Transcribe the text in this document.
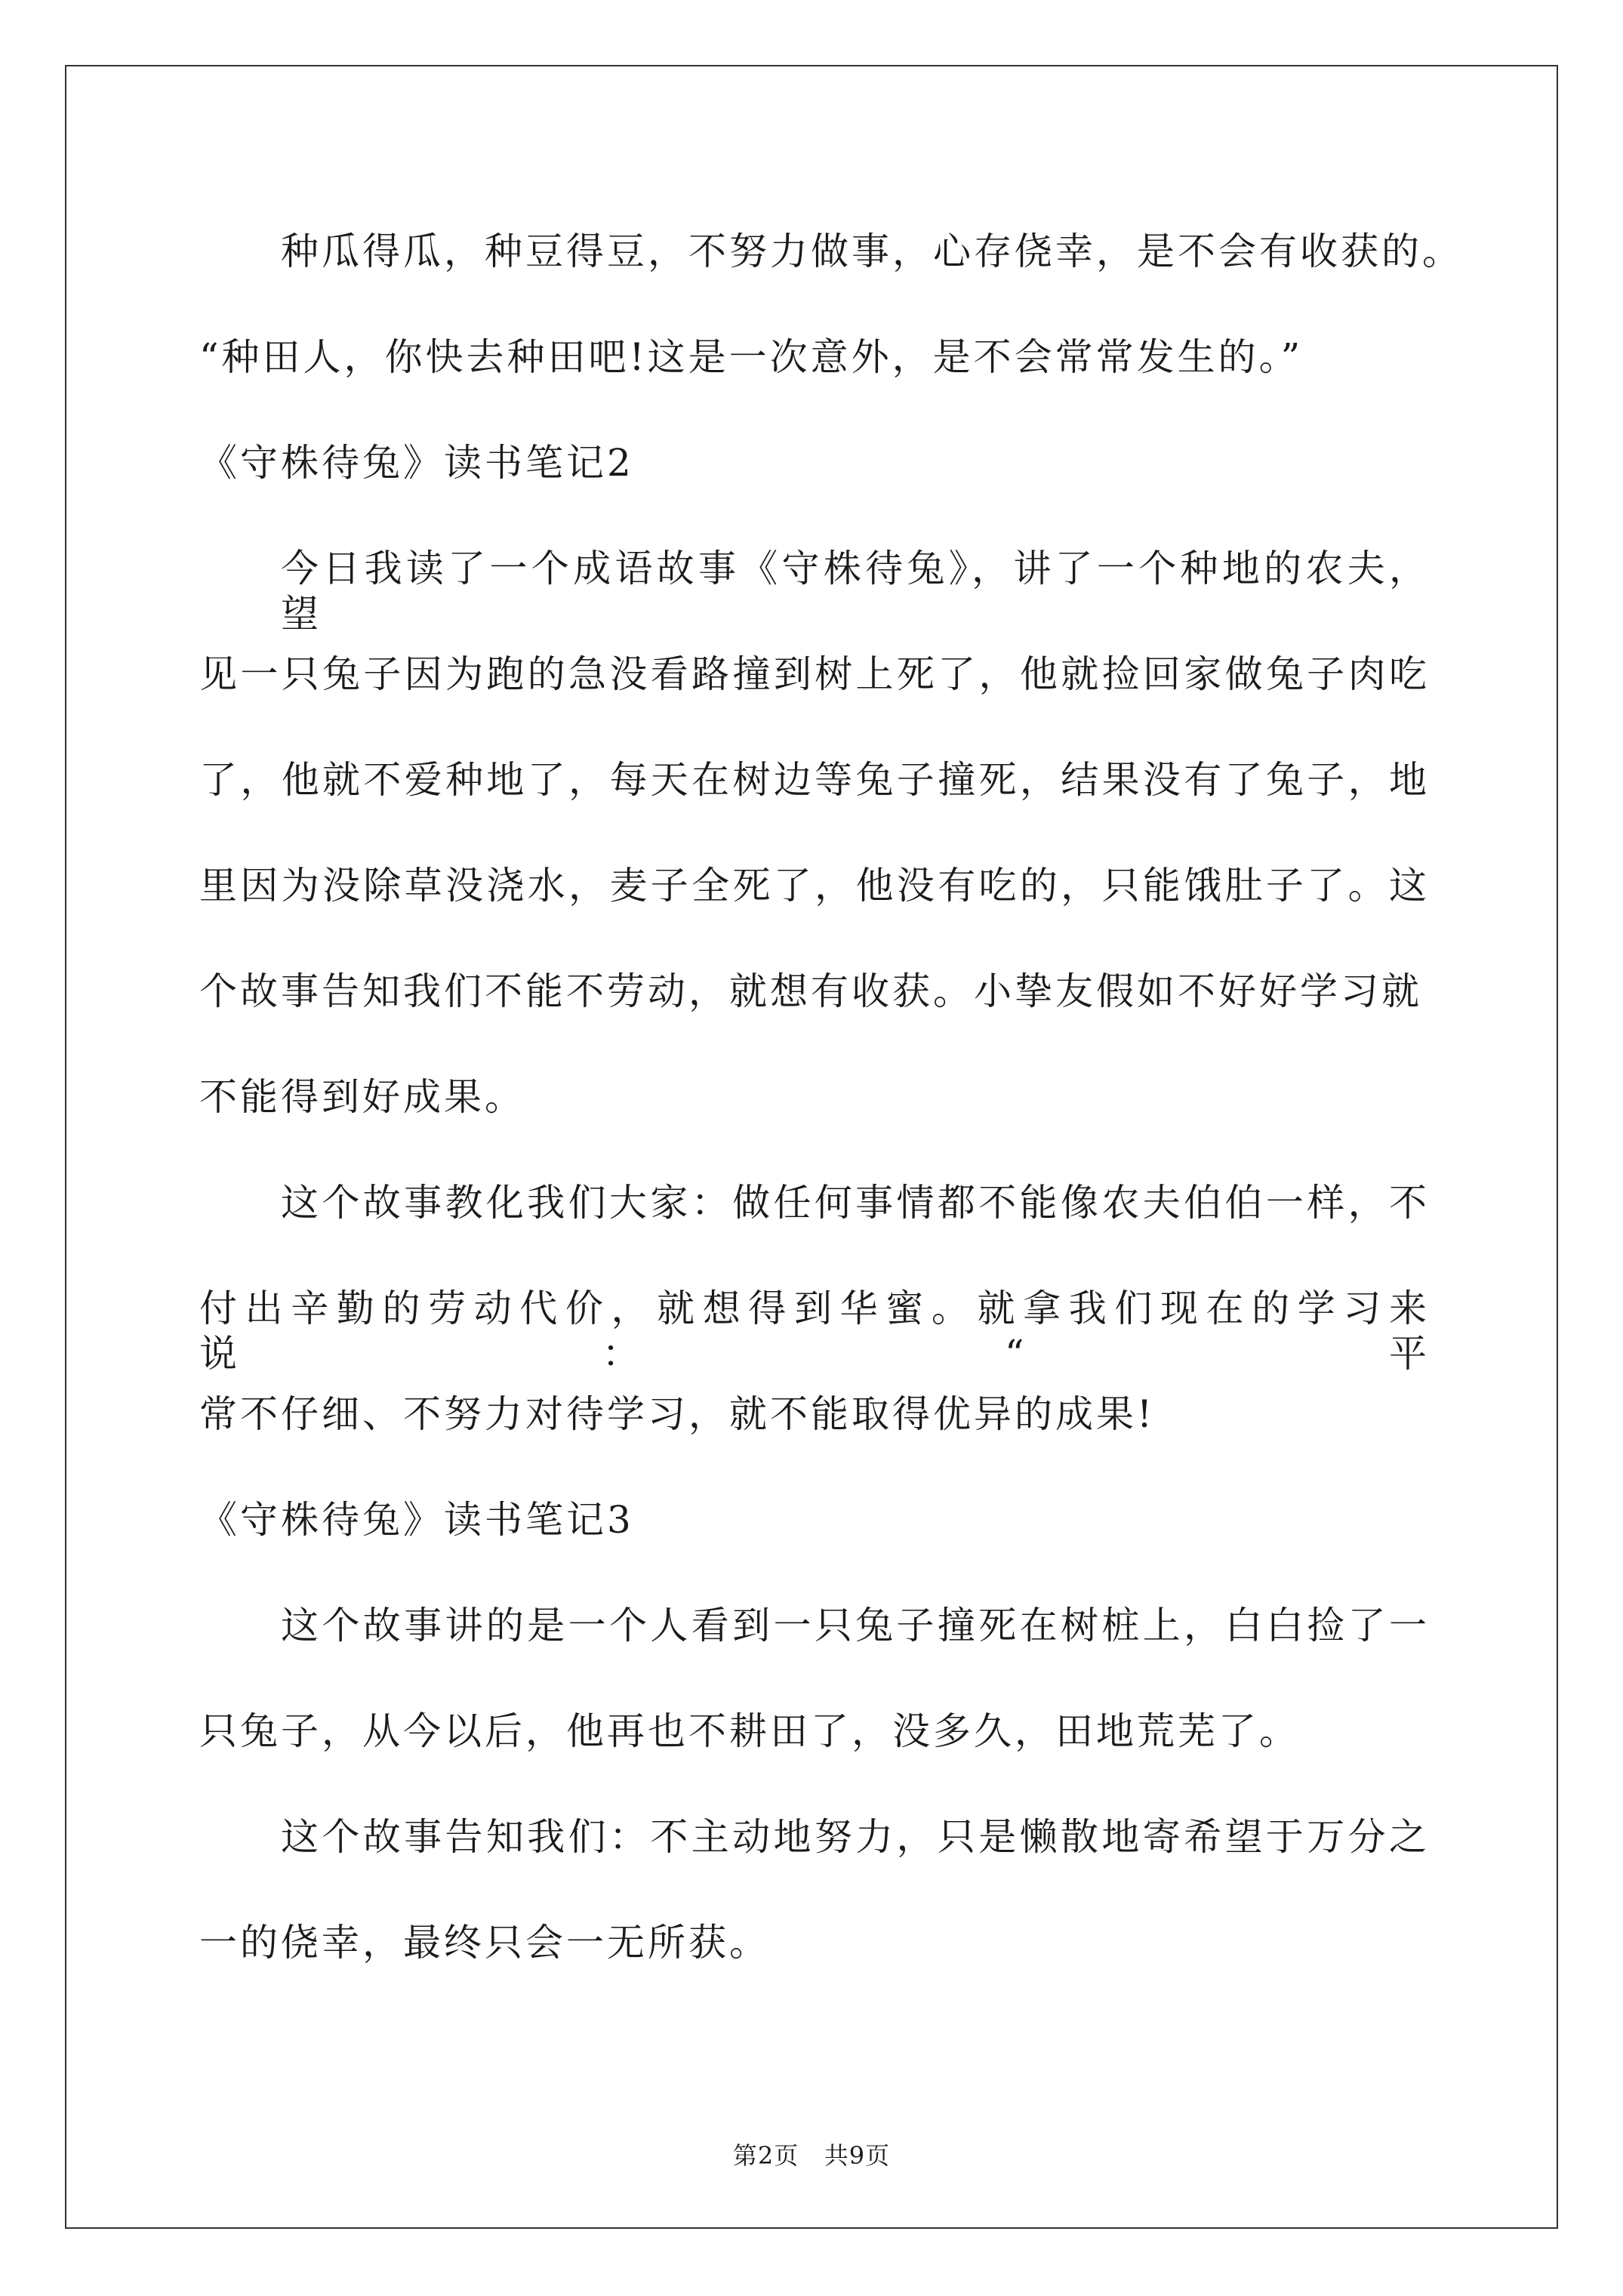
种瓜得瓜，种豆得豆，不努力做事，心存侥幸，是不会有收获的。
“种田人，你快去种田吧!这是一次意外，是不会常常发生的。”
《守株待兔》读书笔记2
今日我读了一个成语故事《守株待兔》，讲了一个种地的农夫，望
见一只兔子因为跑的急没看路撞到树上死了，他就捡回家做兔子肉吃
了，他就不爱种地了，每天在树边等兔子撞死，结果没有了兔子，地
里因为没除草没浇水，麦子全死了，他没有吃的，只能饿肚子了。这
个故事告知我们不能不劳动，就想有收获。小挚友假如不好好学习就
不能得到好成果。
这个故事教化我们大家：做任何事情都不能像农夫伯伯一样，不
付出辛勤的劳动代价，就想得到华蜜。就拿我们现在的学习来说：“平
常不仔细、不努力对待学习，就不能取得优异的成果!
《守株待兔》读书笔记3
这个故事讲的是一个人看到一只兔子撞死在树桩上，白白捡了一
只兔子，从今以后，他再也不耕田了，没多久，田地荒芜了。
这个故事告知我们：不主动地努力，只是懒散地寄希望于万分之
一的侥幸，最终只会一无所获。
第2页 共9页
